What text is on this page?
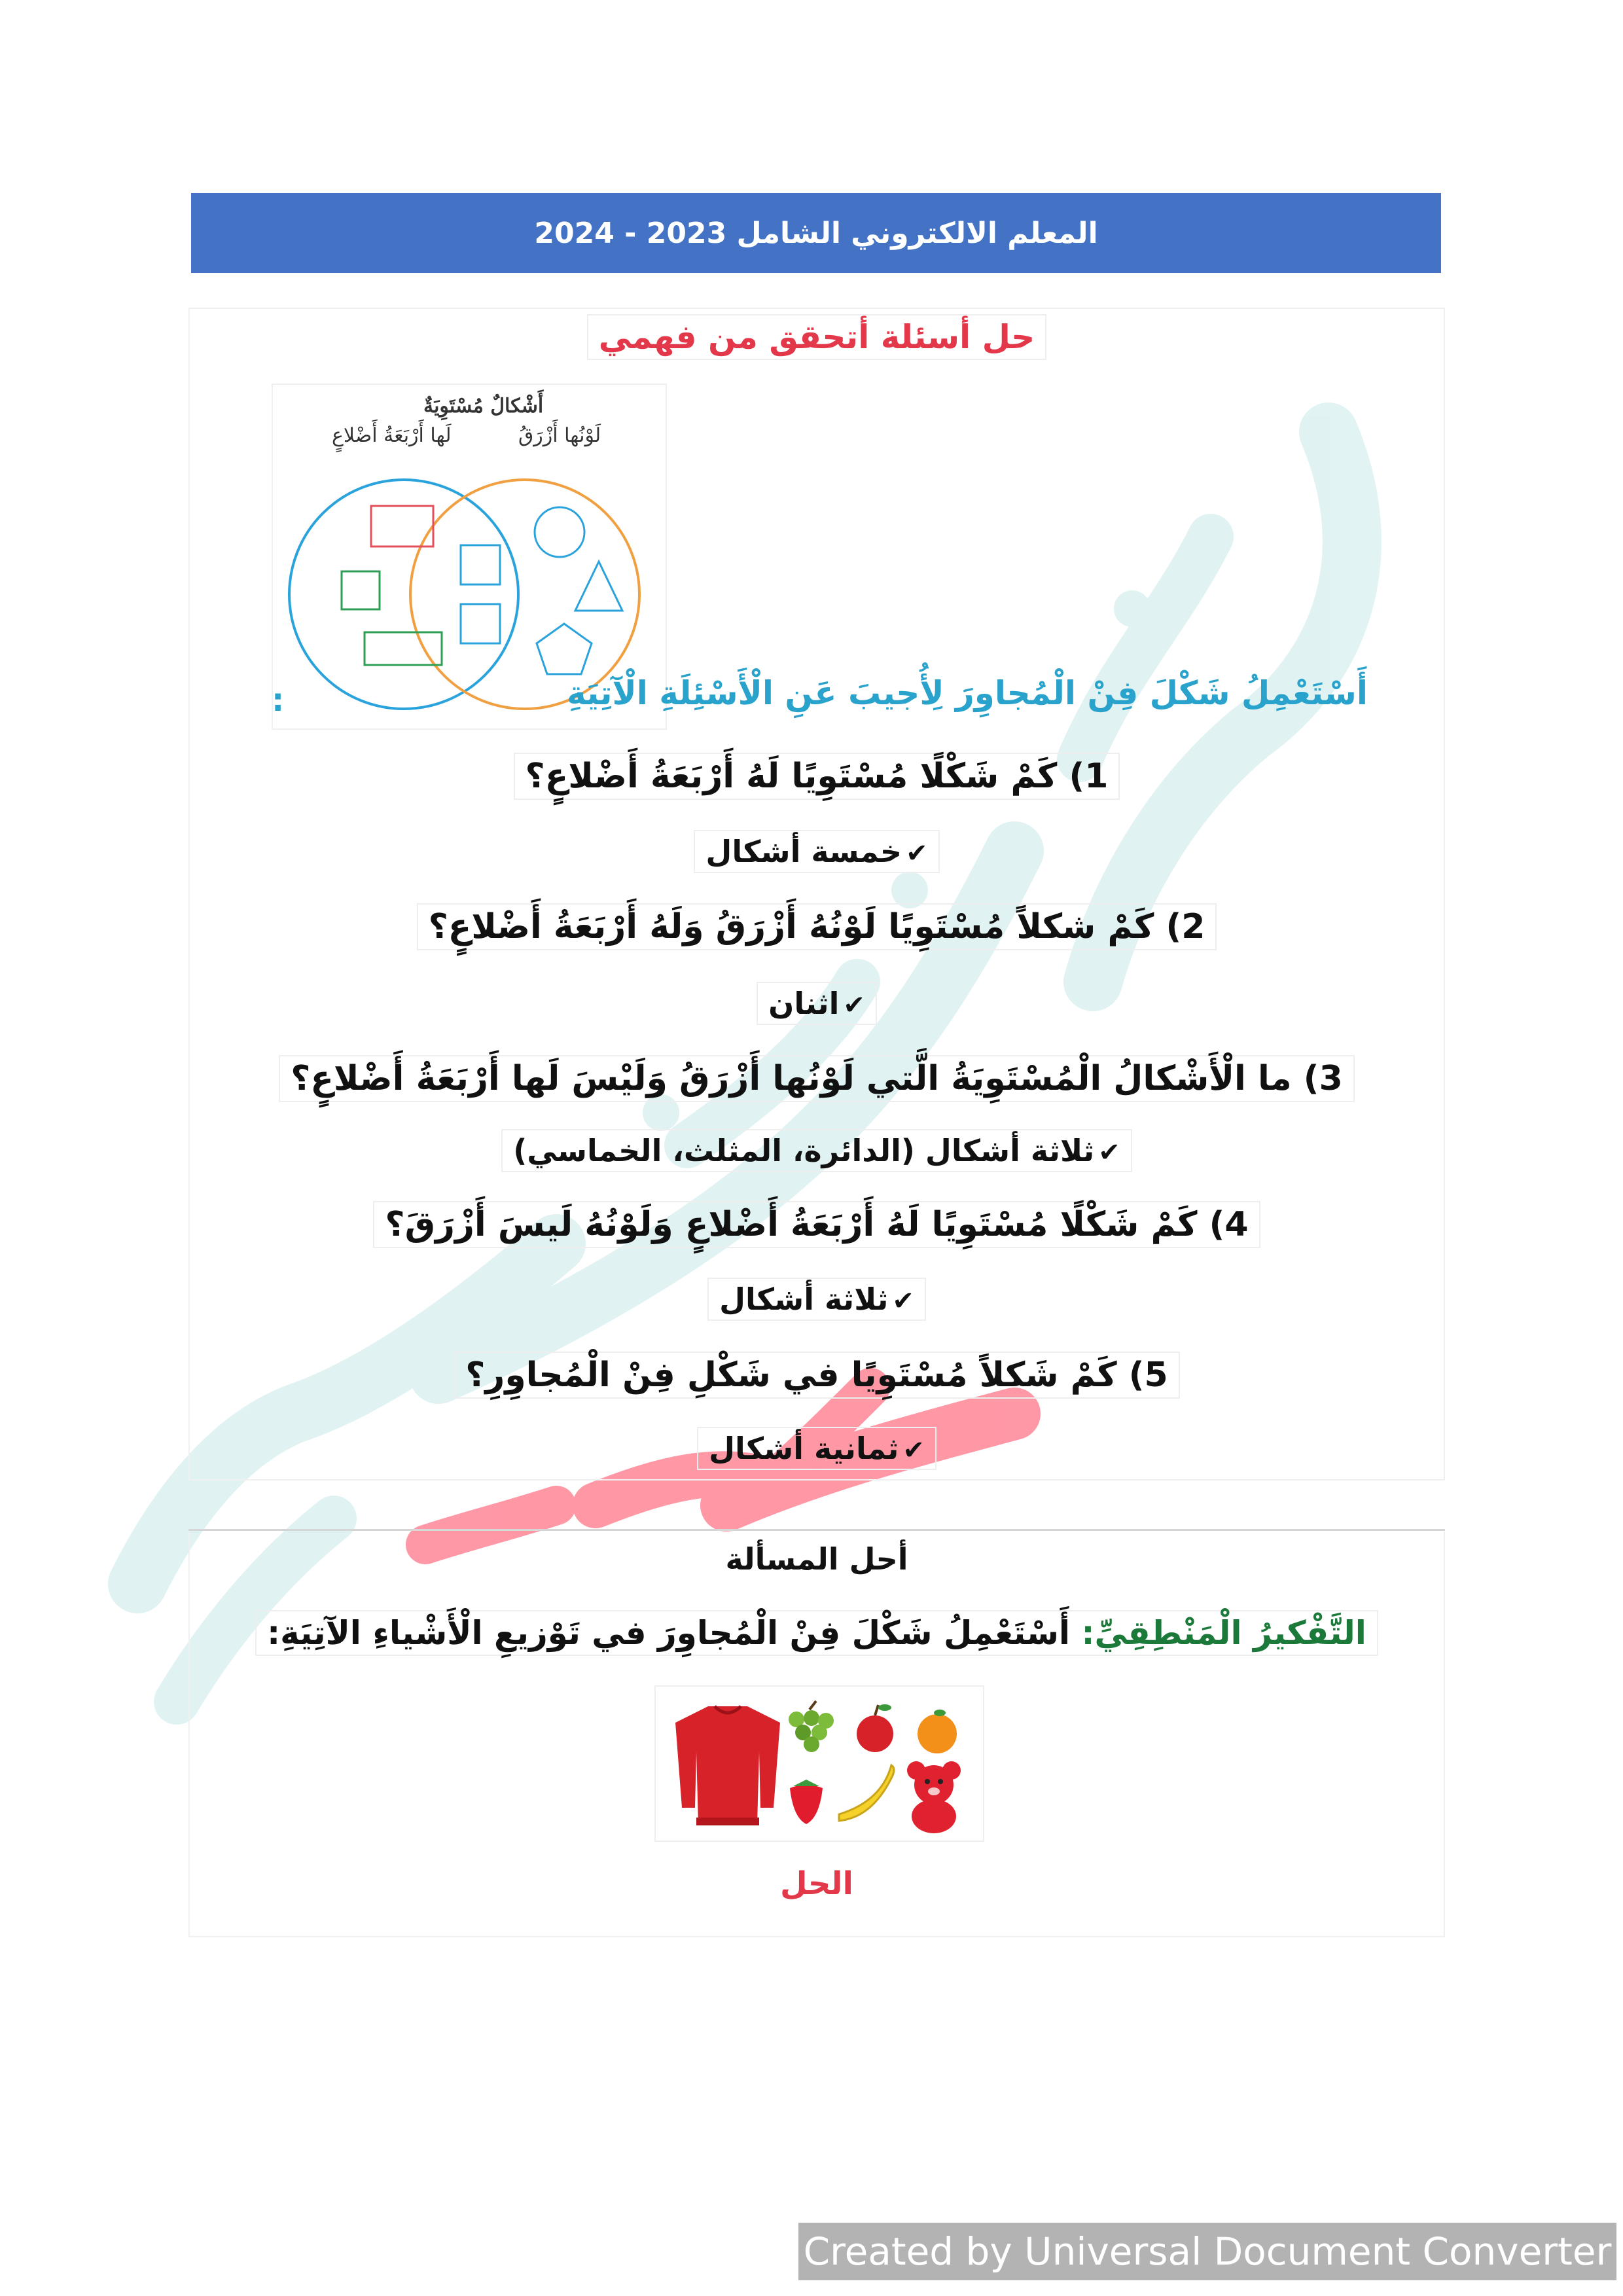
المعلم الالكتروني الشامل 2023 - 2024
حل أسئلة أتحقق من فهمي
أَشْكالٌ مُسْتَوِيَةٌ
لَها أَرْبَعَةُ أَضْلاعٍ	لَوْنُها أَزْرَقُ
أَسْتَعْمِلُ شَكْلَ فِنْ الْمُجاوِرَ لِأُجيبَ عَنِ الْأَسْئِلَةِ الْآتِيَةِ
:
1) كَمْ شَكْلًا مُسْتَوِيًا لَهُ أَرْبَعَةُ أَضْلاعٍ؟
✔خمسة أشكال
2) كَمْ شكلاً مُسْتَوِيًا لَوْنُهُ أَزْرَقُ وَلَهُ أَرْبَعَةُ أَضْلاعٍ؟
✔اثنان
3) ما الْأَشْكالُ الْمُسْتَوِيَةُ الَّتي لَوْنُها أَزْرَقُ وَلَيْسَ لَها أَرْبَعَةُ أَضْلاعٍ؟
✔ثلاثة أشكال (الدائرة، المثلث، الخماسي)
4) كَمْ شَكْلًا مُسْتَوِيًا لَهُ أَرْبَعَةُ أَضْلاعٍ وَلَوْنُهُ لَيسَ أَزْرَقَ؟
✔ثلاثة أشكال
5) كَمْ شَكلاً مُسْتَوِيًا في شَكْلِ فِنْ الْمُجاوِرِ؟
✔ثمانية أشكال
أحل المسألة
التَّفْكيرُ الْمَنْطِقِيِّ: أَسْتَعْمِلُ شَكْلَ فِنْ الْمُجاوِرَ في تَوْزيعِ الْأَشْياءِ الآتِيَةِ:
الحل
Created by Universal Document Converter
